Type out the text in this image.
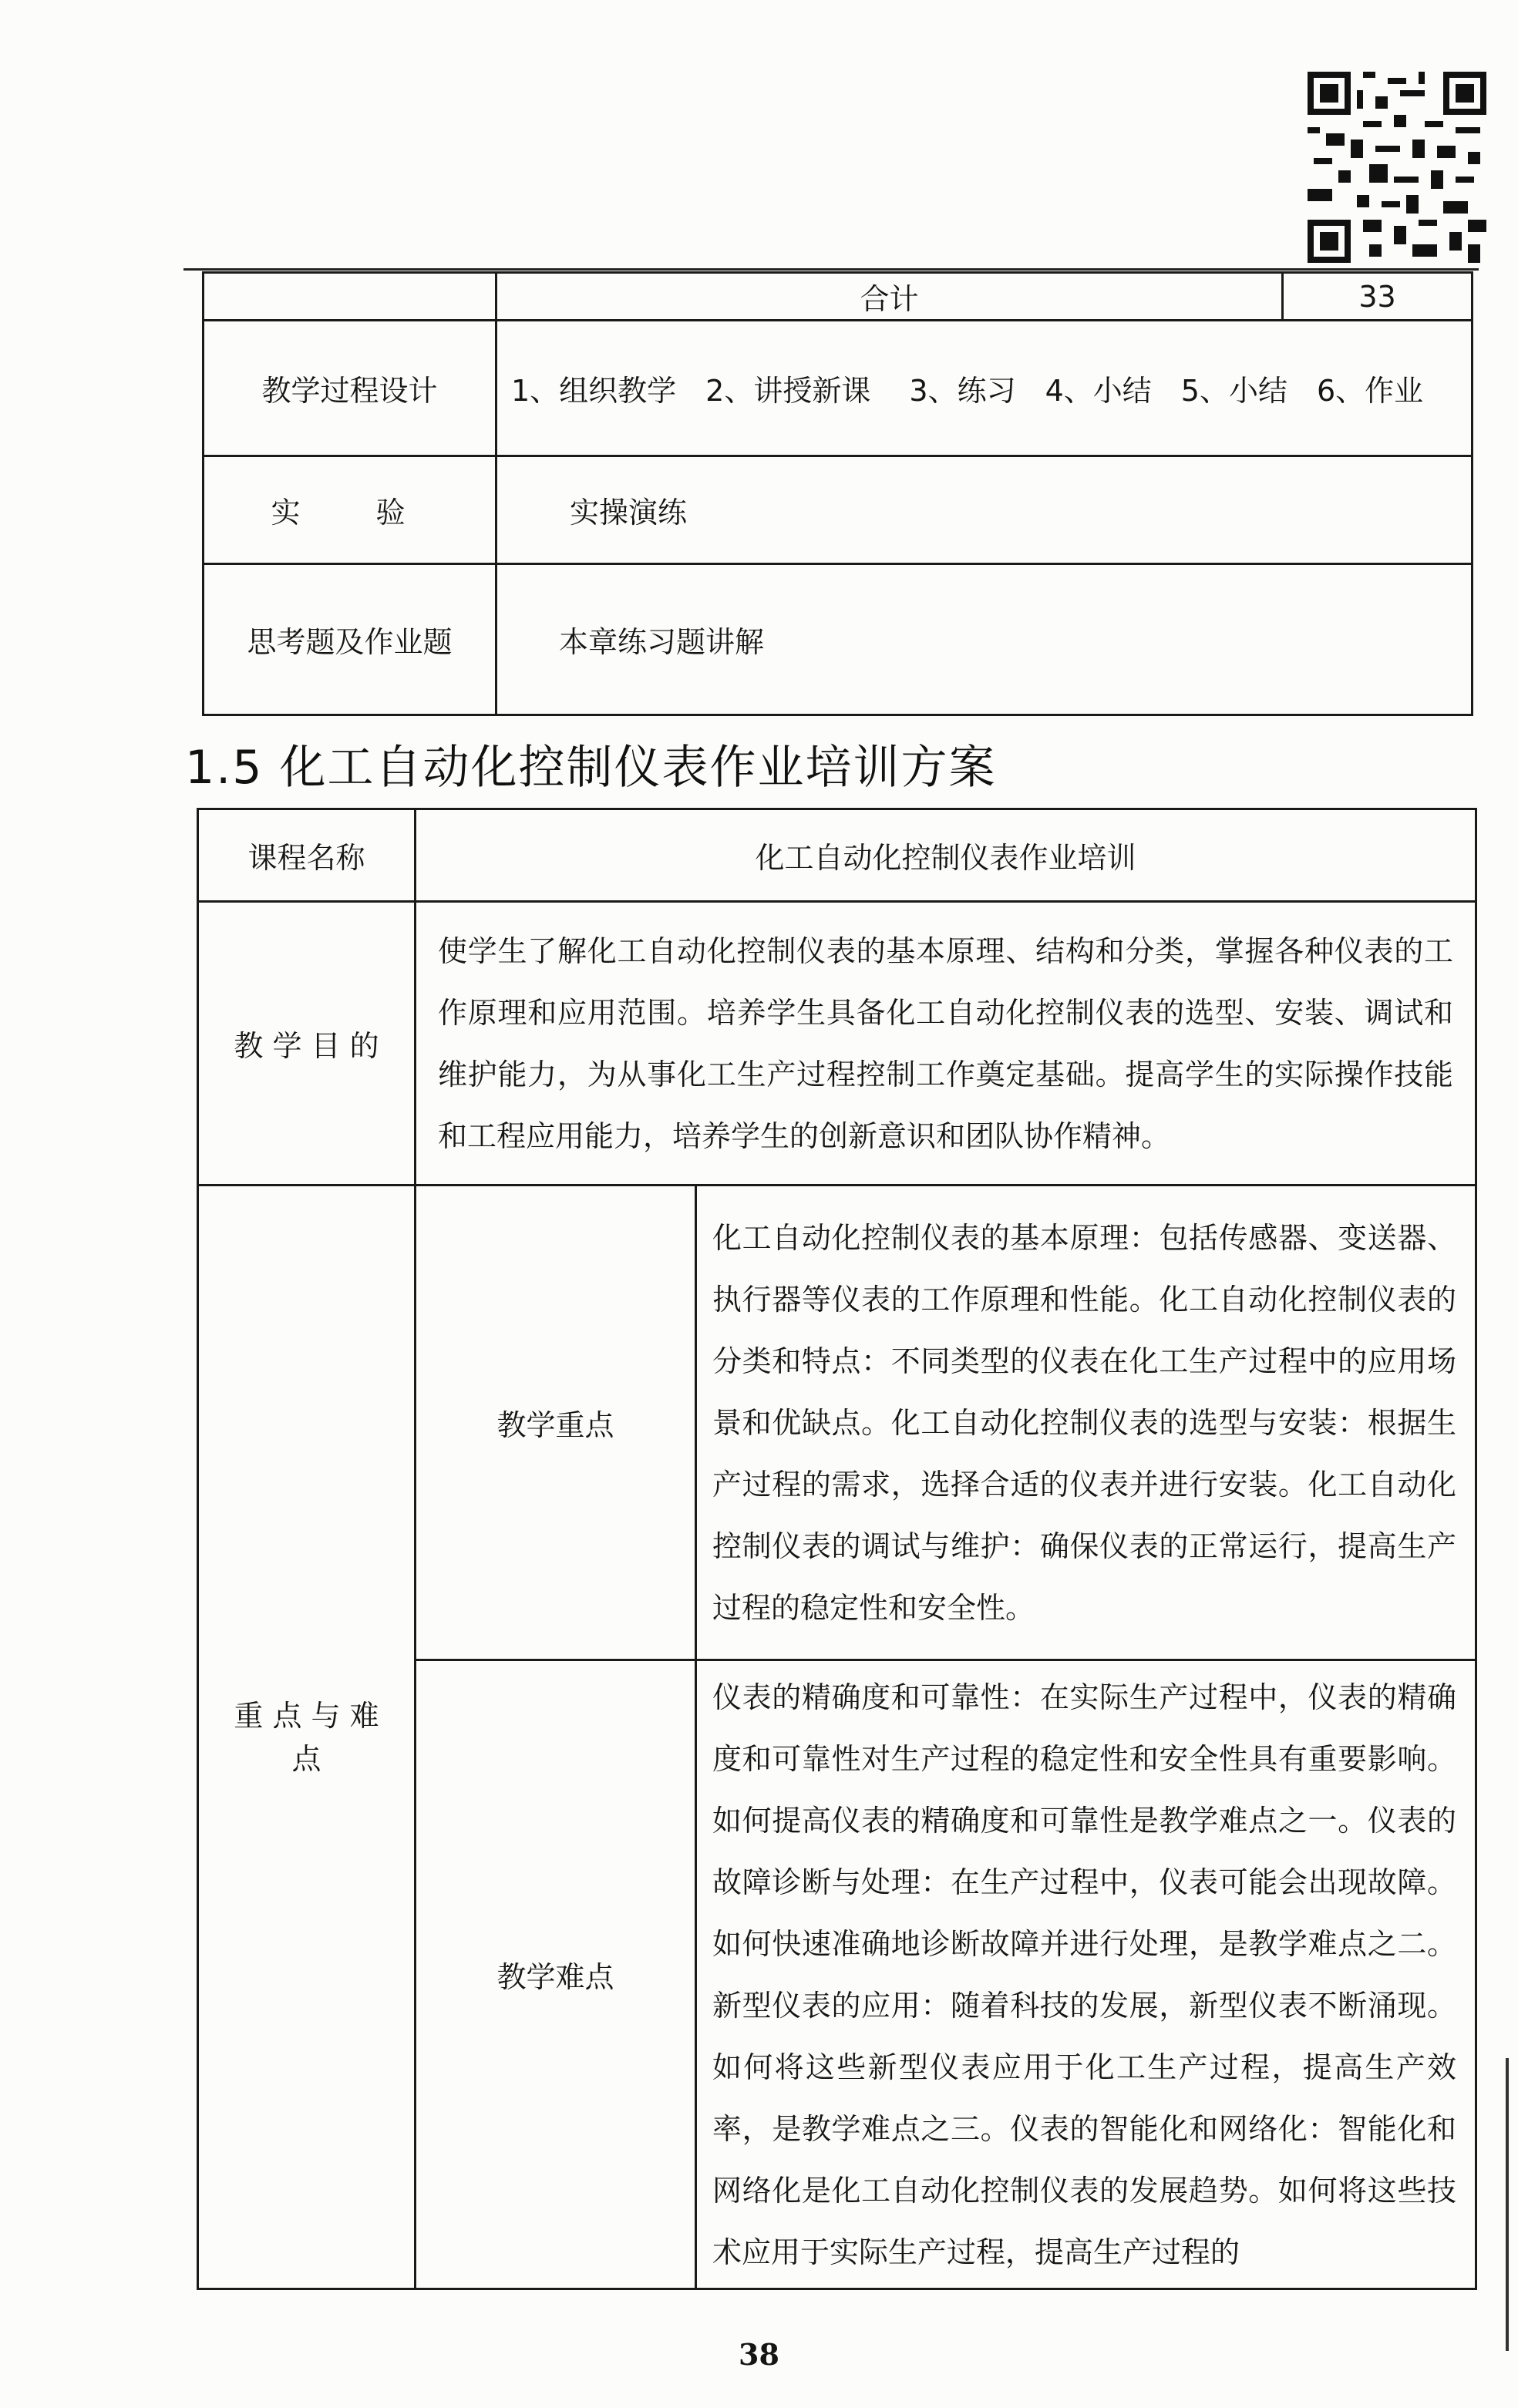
	合计	33
教学过程设计	1、组织教学　2、讲授新课　 3、练习　4、小结　5、小结　6、作业	
实　验	实操演练	
思考题及作业题	本章练习题讲解	
1.5 化工自动化控制仪表作业培训方案
课程名称	化工自动化控制仪表作业培训	
教 学 目 的	使学生了解化工自动化控制仪表的基本原理、结构和分类，掌握各种仪表的工作原理和应用范围。培养学生具备化工自动化控制仪表的选型、安装、调试和维护能力，为从事化工生产过程控制工作奠定基础。提高学生的实际操作技能和工程应用能力，培养学生的创新意识和团队协作精神。	
重 点 与 难 点	教学重点	化工自动化控制仪表的基本原理：包括传感器、变送器、执行器等仪表的工作原理和性能。化工自动化控制仪表的分类和特点：不同类型的仪表在化工生产过程中的应用场景和优缺点。化工自动化控制仪表的选型与安装：根据生产过程的需求，选择合适的仪表并进行安装。化工自动化控制仪表的调试与维护：确保仪表的正常运行，提高生产过程的稳定性和安全性。
	教学难点	仪表的精确度和可靠性：在实际生产过程中，仪表的精确度和可靠性对生产过程的稳定性和安全性具有重要影响。如何提高仪表的精确度和可靠性是教学难点之一。仪表的故障诊断与处理：在生产过程中，仪表可能会出现故障。如何快速准确地诊断故障并进行处理，是教学难点之二。新型仪表的应用：随着科技的发展，新型仪表不断涌现。如何将这些新型仪表应用于化工生产过程，提高生产效率，是教学难点之三。仪表的智能化和网络化：智能化和网络化是化工自动化控制仪表的发展趋势。如何将这些技术应用于实际生产过程，提高生产过程的
38
